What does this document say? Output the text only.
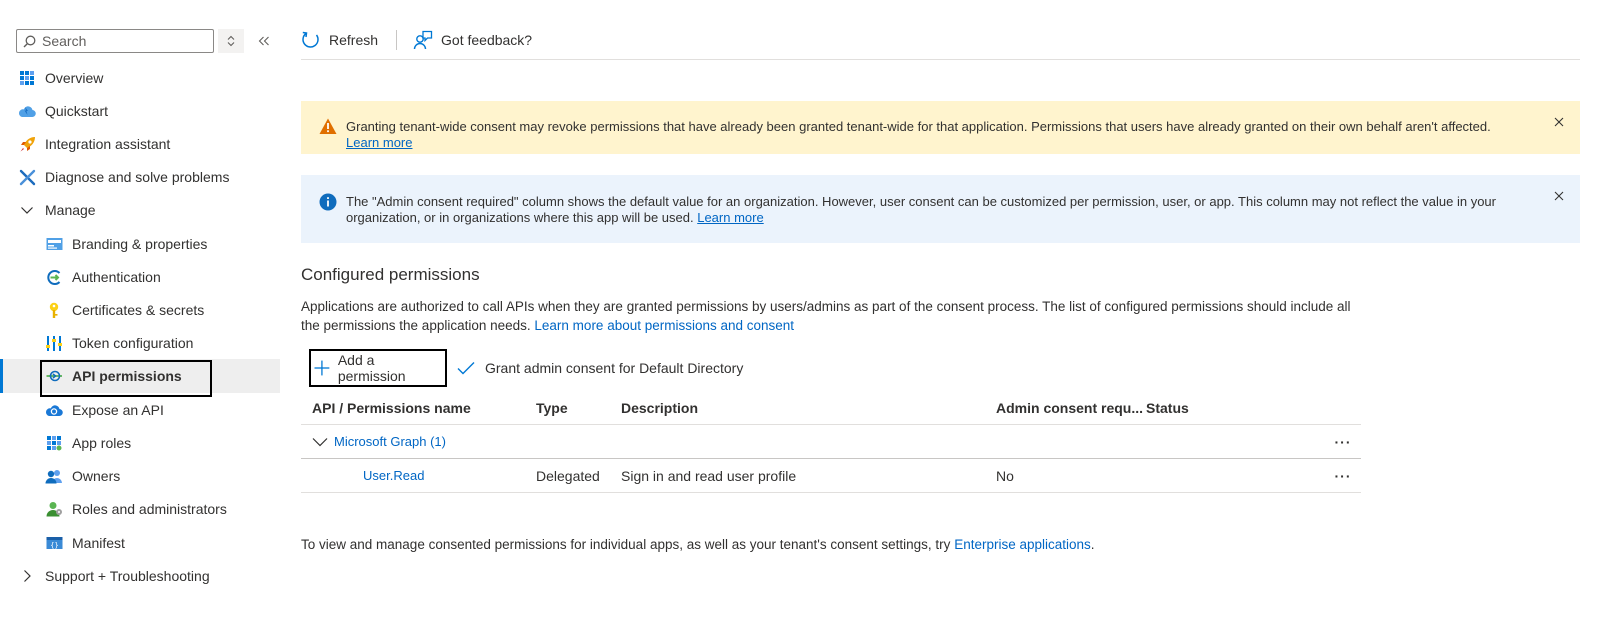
Search
Overview
Quickstart
Integration assistant
Diagnose and solve problems
Manage
Branding & properties
Authentication
Certificates & secrets
Token configuration
API permissions
Expose an API
App roles
Owners
Roles and administrators
{} Manifest
Support + Troubleshooting
Refresh	Got feedback?
Granting tenant-wide consent may revoke permissions that have already been granted tenant-wide for that application. Permissions that users have already granted on their own behalf aren't affected. Learn more
The "Admin consent required" column shows the default value for an organization. However, user consent can be customized per permission, user, or app. This column may not reflect the value in your organization, or in organizations where this app will be used. Learn more
Configured permissions
Applications are authorized to call APIs when they are granted permissions by users/admins as part of the consent process. The list of configured permissions should include all the permissions the application needs. Learn more about permissions and consent
Add a permission	Grant admin consent for Default Directory
API / Permissions name	Type	Description	Admin consent requ... Status
Microsoft Graph (1)	···
User.Read	Delegated Sign in and read user profile	No	···
To view and manage consented permissions for individual apps, as well as your tenant's consent settings, try Enterprise applications.
